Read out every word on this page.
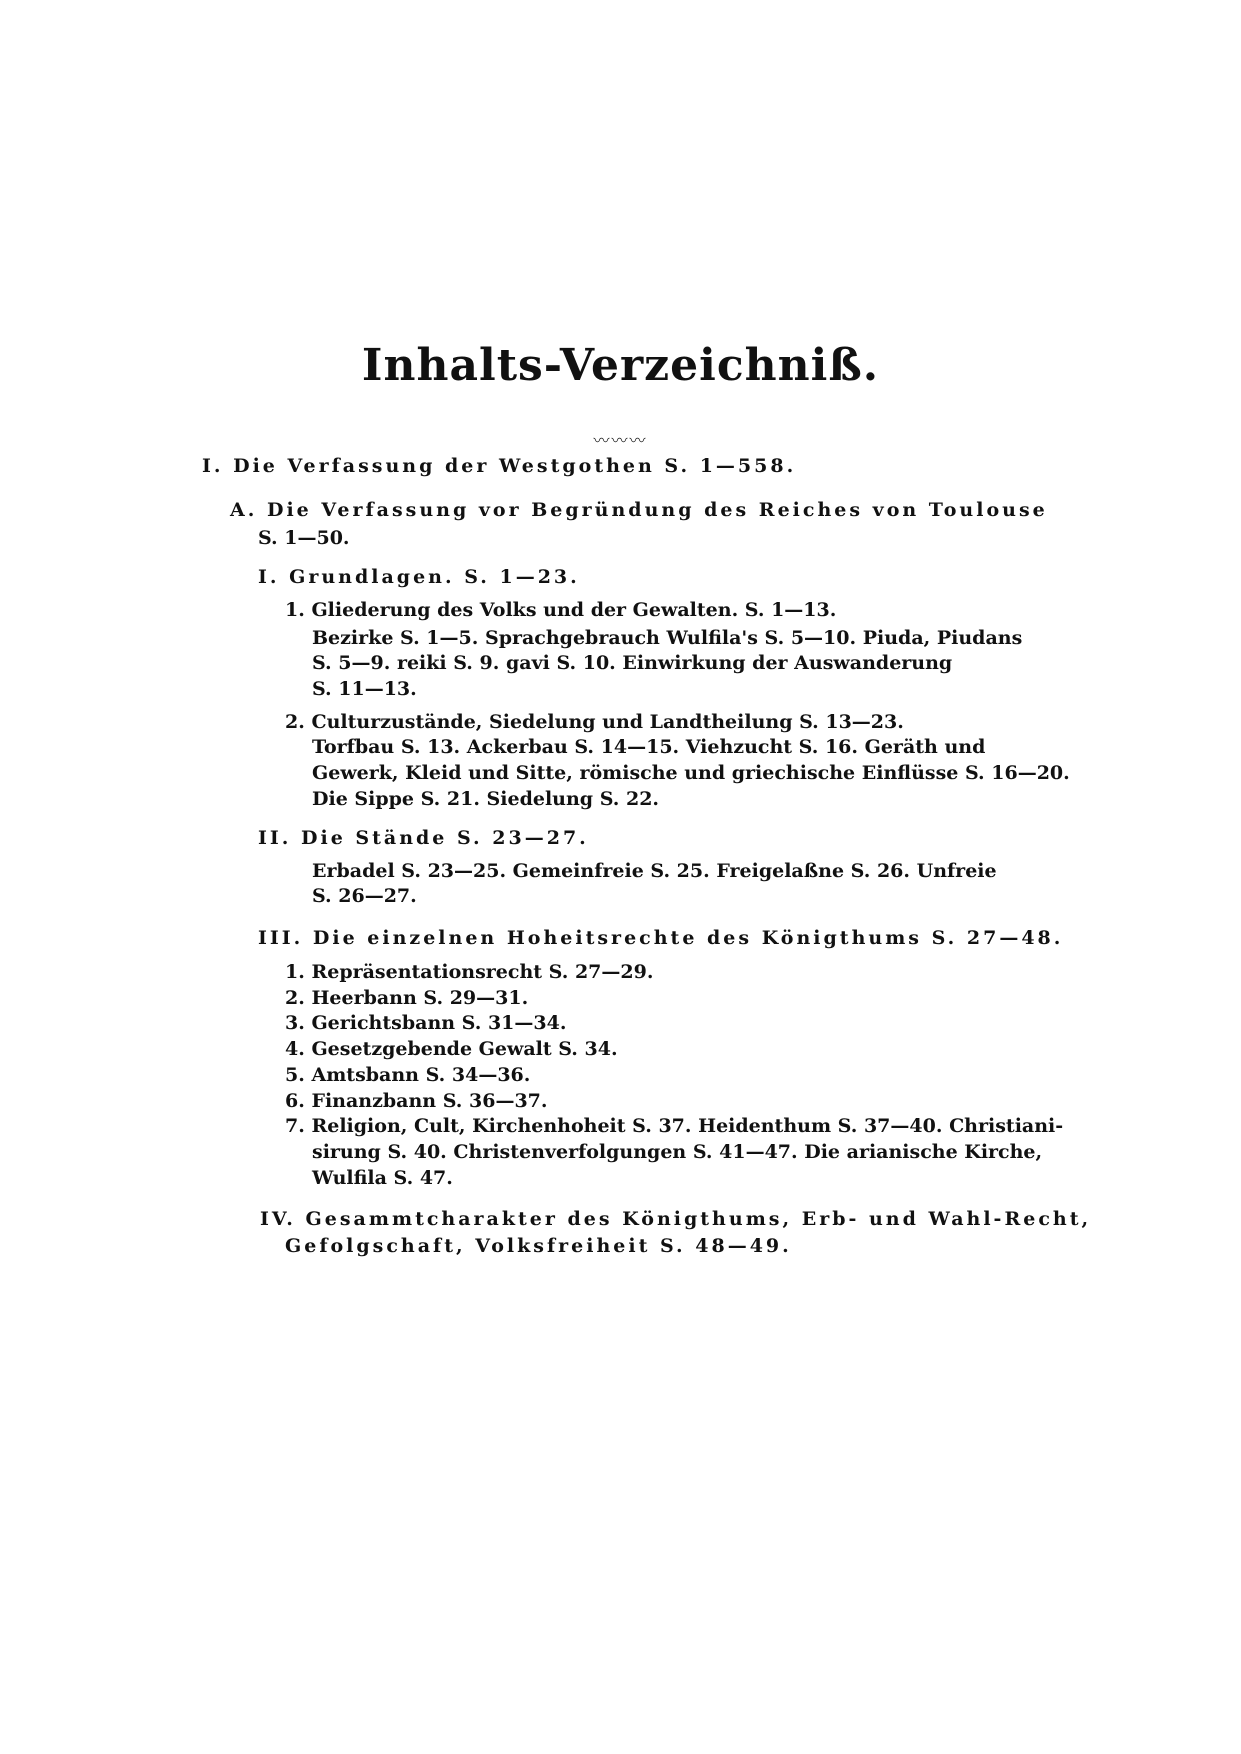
Inhalts-Verzeichniß.
〰〰〰
I. Die Verfassung der Westgothen S. 1—558.
A. Die Verfassung vor Begründung des Reiches von Toulouse
S. 1—50.
I. Grundlagen. S. 1—23.
1. Gliederung des Volks und der Gewalten. S. 1—13.
Bezirke S. 1—5. Sprachgebrauch Wulfila's S. 5—10. Piuda, Piudans
S. 5—9. reiki S. 9. gavi S. 10. Einwirkung der Auswanderung
S. 11—13.
2. Culturzustände, Siedelung und Landtheilung S. 13—23.
Torfbau S. 13. Ackerbau S. 14—15. Viehzucht S. 16. Geräth und
Gewerk, Kleid und Sitte, römische und griechische Einflüsse S. 16—20.
Die Sippe S. 21. Siedelung S. 22.
II. Die Stände S. 23—27.
Erbadel S. 23—25. Gemeinfreie S. 25. Freigelaßne S. 26. Unfreie
S. 26—27.
III. Die einzelnen Hoheitsrechte des Königthums S. 27—48.
1. Repräsentationsrecht S. 27—29.
2. Heerbann S. 29—31.
3. Gerichtsbann S. 31—34.
4. Gesetzgebende Gewalt S. 34.
5. Amtsbann S. 34—36.
6. Finanzbann S. 36—37.
7. Religion, Cult, Kirchenhoheit S. 37. Heidenthum S. 37—40. Christiani-
sirung S. 40. Christenverfolgungen S. 41—47. Die arianische Kirche,
Wulfila S. 47.
IV. Gesammtcharakter des Königthums, Erb- und Wahl-Recht,
Gefolgschaft, Volksfreiheit S. 48—49.
